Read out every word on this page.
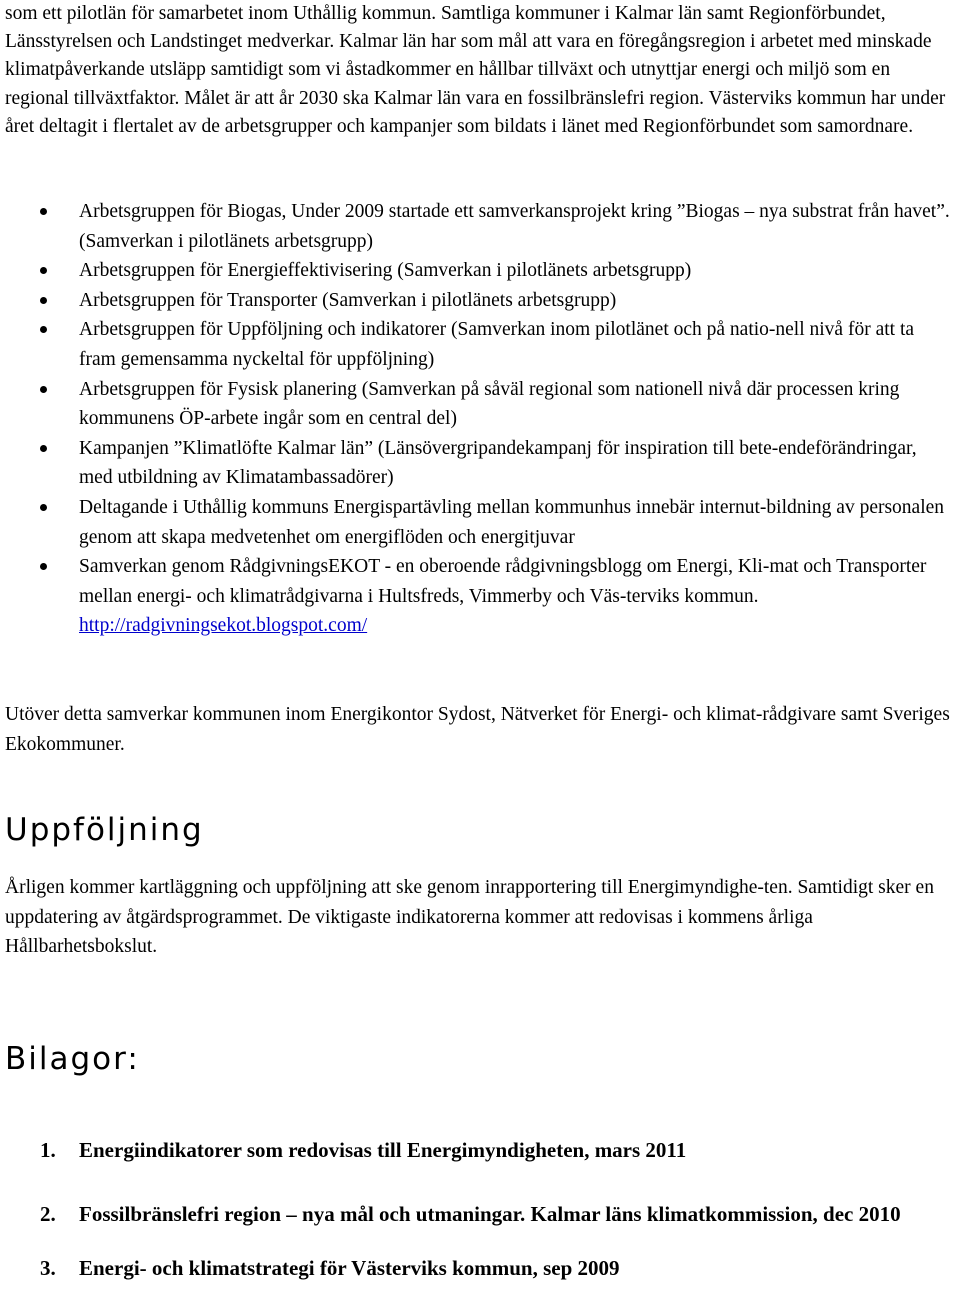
som ett pilotlän för samarbetet inom Uthållig kommun. Samtliga kommuner i Kalmar län samt Regionförbundet, Länsstyrelsen och Landstinget medverkar. Kalmar län har som mål att vara en föregångsregion i arbetet med minskade klimatpåverkande utsläpp samtidigt som vi åstadkommer en hållbar tillväxt och utnyttjar energi och miljö som en regional tillväxtfaktor. Målet är att år 2030 ska Kalmar län vara en fossilbränslefri region. Västerviks kommun har under året deltagit i flertalet av de arbetsgrupper och kampanjer som bildats i länet med Regionförbundet som samordnare.

Arbetsgruppen för Biogas, Under 2009 startade ett samverkansprojekt kring ”Biogas – nya substrat från havet”. (Samverkan i pilotlänets arbetsgrupp)
Arbetsgruppen för Energieffektivisering (Samverkan i pilotlänets arbetsgrupp)
Arbetsgruppen för Transporter (Samverkan i pilotlänets arbetsgrupp)
Arbetsgruppen för Uppföljning och indikatorer (Samverkan inom pilotlänet och på natio-nell nivå för att ta fram gemensamma nyckeltal för uppföljning)
Arbetsgruppen för Fysisk planering (Samverkan på såväl regional som nationell nivå där processen kring kommunens ÖP-arbete ingår som en central del)
Kampanjen ”Klimatlöfte Kalmar län” (Länsövergripandekampanj för inspiration till bete-endeförändringar, med utbildning av Klimatambassadörer)
Deltagande i Uthållig kommuns Energispartävling mellan kommunhus innebär internut-bildning av personalen genom att skapa medvetenhet om energiflöden och energitjuvar
Samverkan genom RådgivningsEKOT - en oberoende rådgivningsblogg om Energi, Kli-mat och Transporter mellan energi- och klimatrådgivarna i Hultsfreds, Vimmerby och Väs-terviks kommun. http://radgivningsekot.blogspot.com/

Utöver detta samverkar kommunen inom Energikontor Sydost, Nätverket för Energi- och klimat-rådgivare samt Sveriges Ekokommuner.

Uppföljning

Årligen kommer kartläggning och uppföljning att ske genom inrapportering till Energimyndighe-ten. Samtidigt sker en uppdatering av åtgärdsprogrammet. De viktigaste indikatorerna kommer att redovisas i kommens årliga Hållbarhetsbokslut.

Bilagor:
1. Energiindikatorer som redovisas till Energimyndigheten, mars 2011
2. Fossilbränslefri region – nya mål och utmaningar. Kalmar läns klimatkommission, dec 2010
3. Energi- och klimatstrategi för Västerviks kommun, sep 2009
